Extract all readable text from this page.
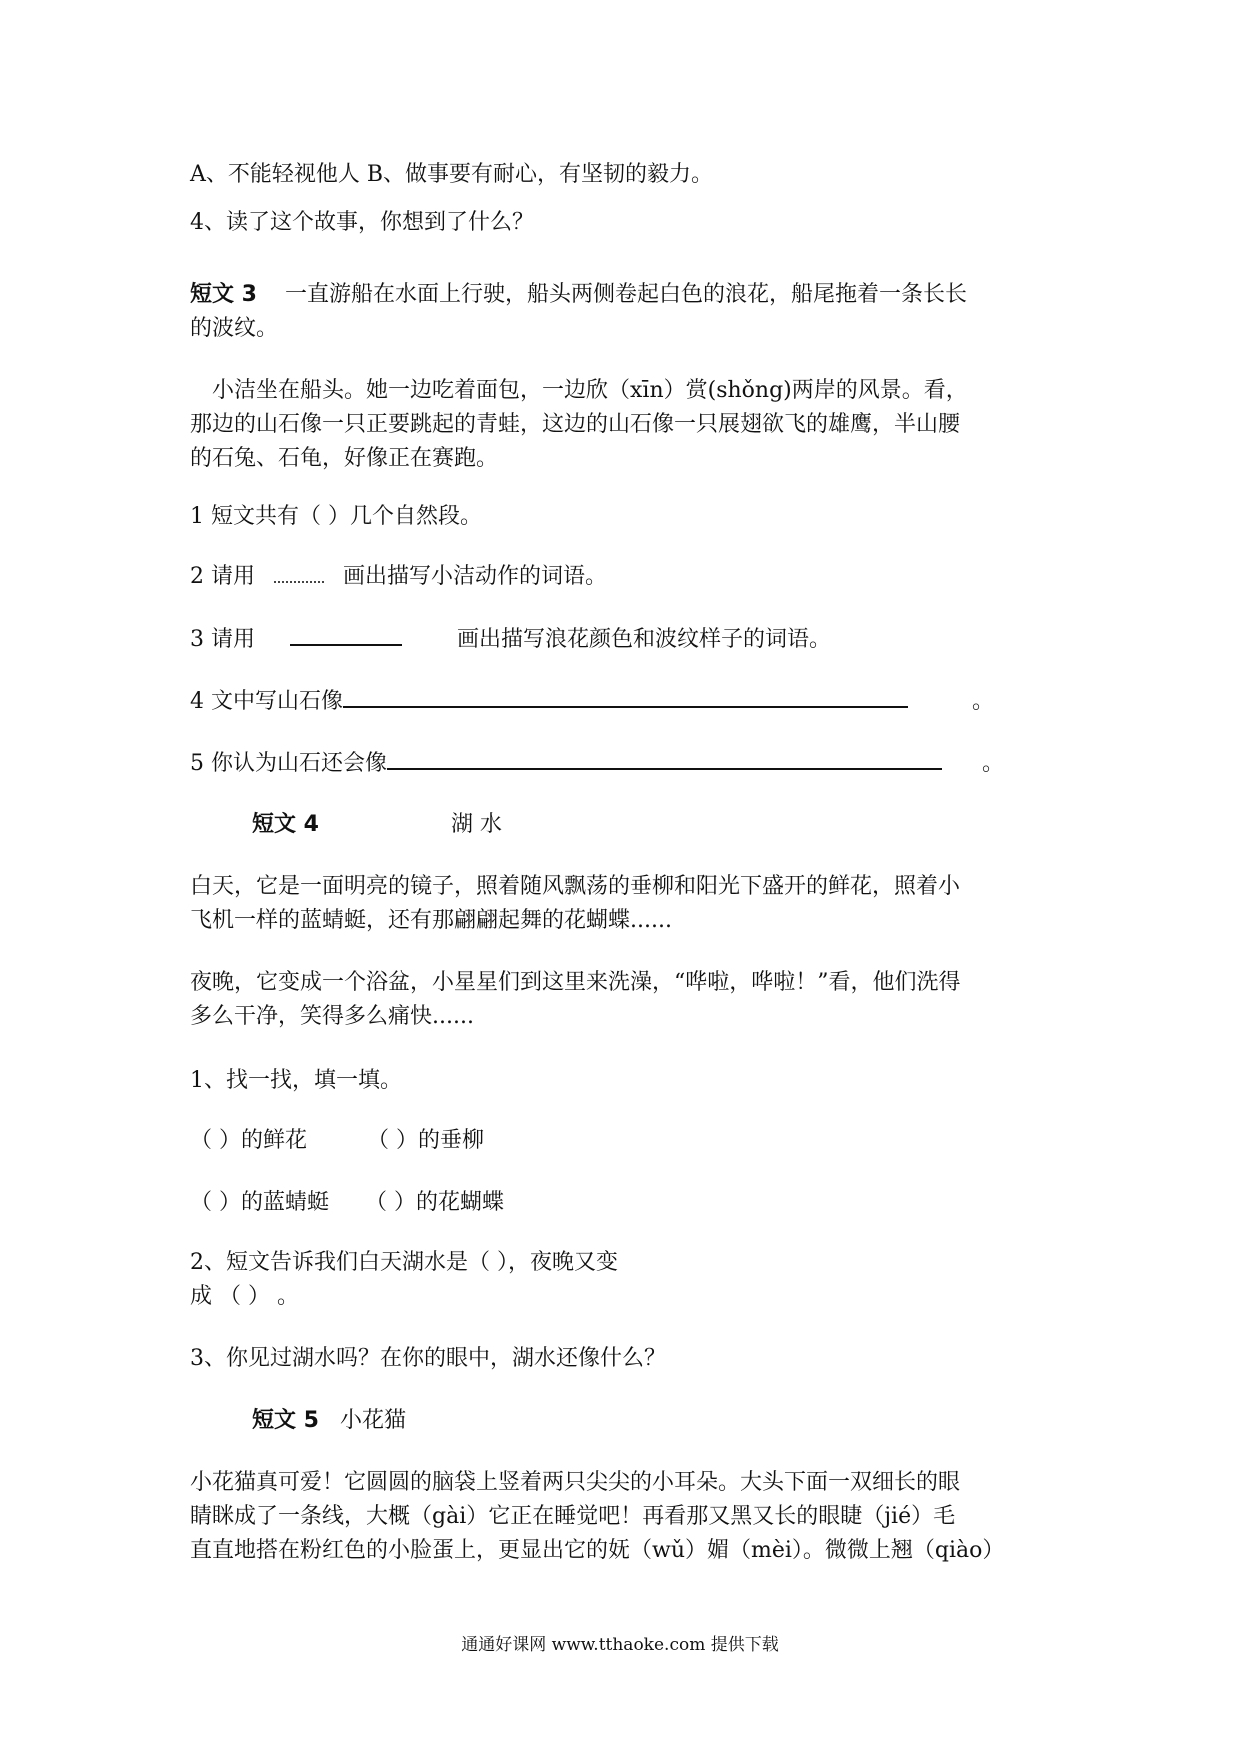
A、不能轻视他人 B、做事要有耐心，有坚韧的毅力。
4、读了这个故事，你想到了什么？
短文 3 一直游船在水面上行驶，船头两侧卷起白色的浪花，船尾拖着一条长长
的波纹。
小洁坐在船头。她一边吃着面包，一边欣（xīn）赏(shǒng)两岸的风景。看，
那边的山石像一只正要跳起的青蛙，这边的山石像一只展翅欲飞的雄鹰，半山腰
的石兔、石龟，好像正在赛跑。
1 短文共有（ ）几个自然段。
2 请用	画出描写小洁动作的词语。
3 请用	画出描写浪花颜色和波纹样子的词语。
4 文中写山石像	。
5 你认为山石还会像	。
短文 4	湖 水
白天，它是一面明亮的镜子，照着随风飘荡的垂柳和阳光下盛开的鲜花，照着小
飞机一样的蓝蜻蜓，还有那翩翩起舞的花蝴蝶......
夜晚，它变成一个浴盆，小星星们到这里来洗澡，“哗啦，哗啦！”看，他们洗得
多么干净，笑得多么痛快......
1、找一找，填一填。
（ ）的鲜花	（ ）的垂柳
（ ）的蓝蜻蜓 （ ）的花蝴蝶
2、短文告诉我们白天湖水是（ ），夜晚又变
成 （ ） 。
3、你见过湖水吗？在你的眼中，湖水还像什么？
短文 5 小花猫
小花猫真可爱！它圆圆的脑袋上竖着两只尖尖的小耳朵。大头下面一双细长的眼
睛眯成了一条线，大概（gài）它正在睡觉吧！再看那又黑又长的眼睫（jié）毛
直直地搭在粉红色的小脸蛋上，更显出它的妩（wǔ）媚（mèi）。微微上翘（qiào）
通通好课网 www.tthaoke.com 提供下载
